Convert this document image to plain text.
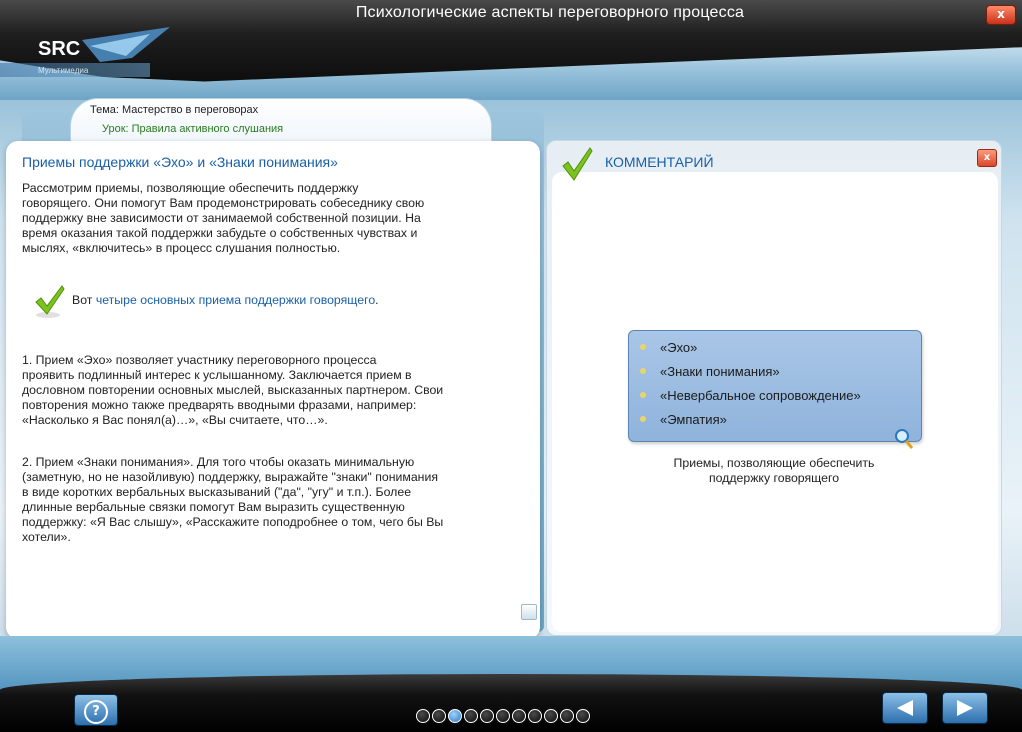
Психологические аспекты переговорного процесса	x
SRC
Мультимедиа
Тема: Мастерство в переговорах
Урок: Правила активного слушания
Приемы поддержки «Эхо» и «Знаки понимания»
Рассмотрим приемы, позволяющие обеспечить поддержку
говорящего. Они помогут Вам продемонстрировать собеседнику свою
поддержку вне зависимости от занимаемой собственной позиции. На
время оказания такой поддержки забудьте о собственных чувствах и
мыслях, «включитесь» в процесс слушания полностью.
Вот четыре основных приема поддержки говорящего.
1. Прием «Эхо» позволяет участнику переговорного процесса
проявить подлинный интерес к услышанному. Заключается прием в
дословном повторении основных мыслей, высказанных партнером. Свои
повторения можно также предварять вводными фразами, например:
«Насколько я Вас понял(а)…», «Вы считаете, что…».
2. Прием «Знаки понимания». Для того чтобы оказать минимальную
(заметную, но не назойливую) поддержку, выражайте "знаки" понимания
в виде коротких вербальных высказываний ("да", "угу" и т.п.). Более
длинные вербальные связки помогут Вам выразить существенную
поддержку: «Я Вас слышу», «Расскажите поподробнее о том, чего бы Вы
хотели».
КОММЕНТАРИЙ	x
«Эхо»
«Знаки понимания»
«Невербальное сопровождение»
«Эмпатия»
Приемы, позволяющие обеспечить
поддержку говорящего
?
